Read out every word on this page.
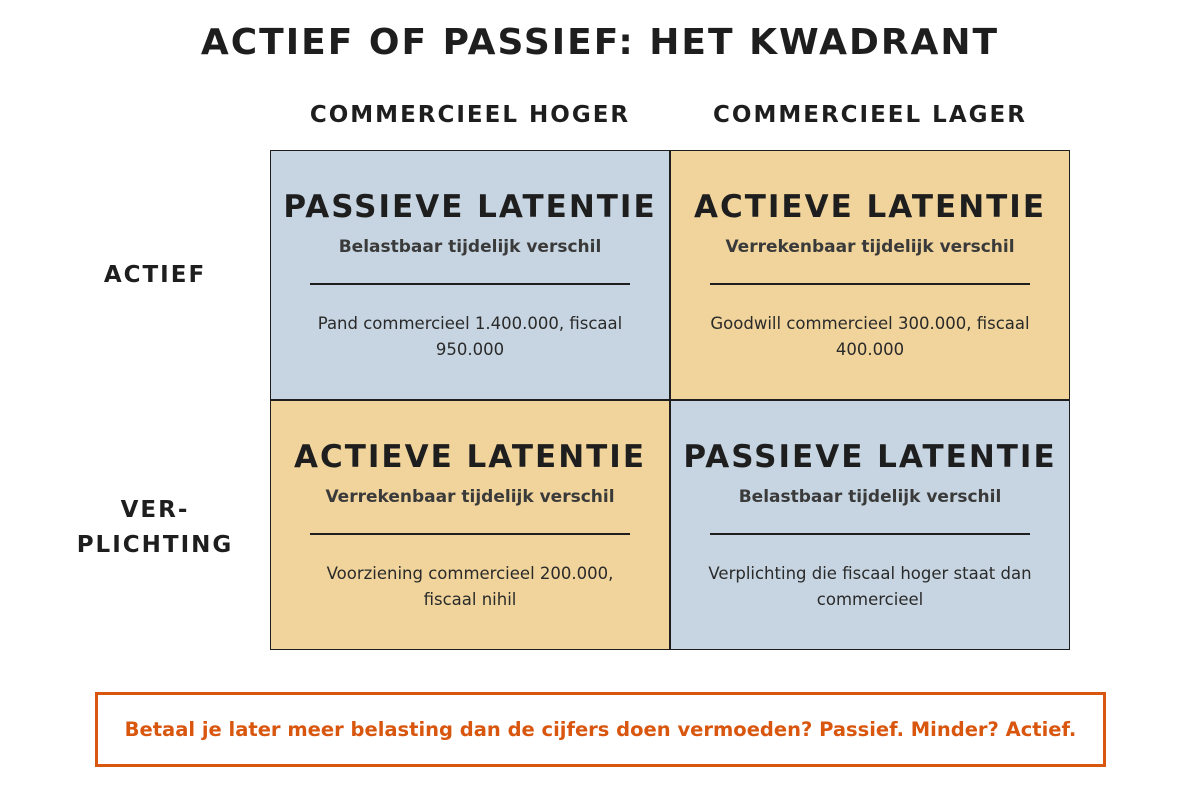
ACTIEF OF PASSIEF: HET KWADRANT
COMMERCIEEL HOGER	COMMERCIEEL LAGER
ACTIEF
VER-
PLICHTING
PASSIEVE LATENTIE
Belastbaar tijdelijk verschil
Pand commercieel 1.400.000, fiscaal 950.000
ACTIEVE LATENTIE
Verrekenbaar tijdelijk verschil
Goodwill commercieel 300.000, fiscaal 400.000
ACTIEVE LATENTIE
Verrekenbaar tijdelijk verschil
Voorziening commercieel 200.000, fiscaal nihil
PASSIEVE LATENTIE
Belastbaar tijdelijk verschil
Verplichting die fiscaal hoger staat dan commercieel
Betaal je later meer belasting dan de cijfers doen vermoeden? Passief. Minder? Actief.
